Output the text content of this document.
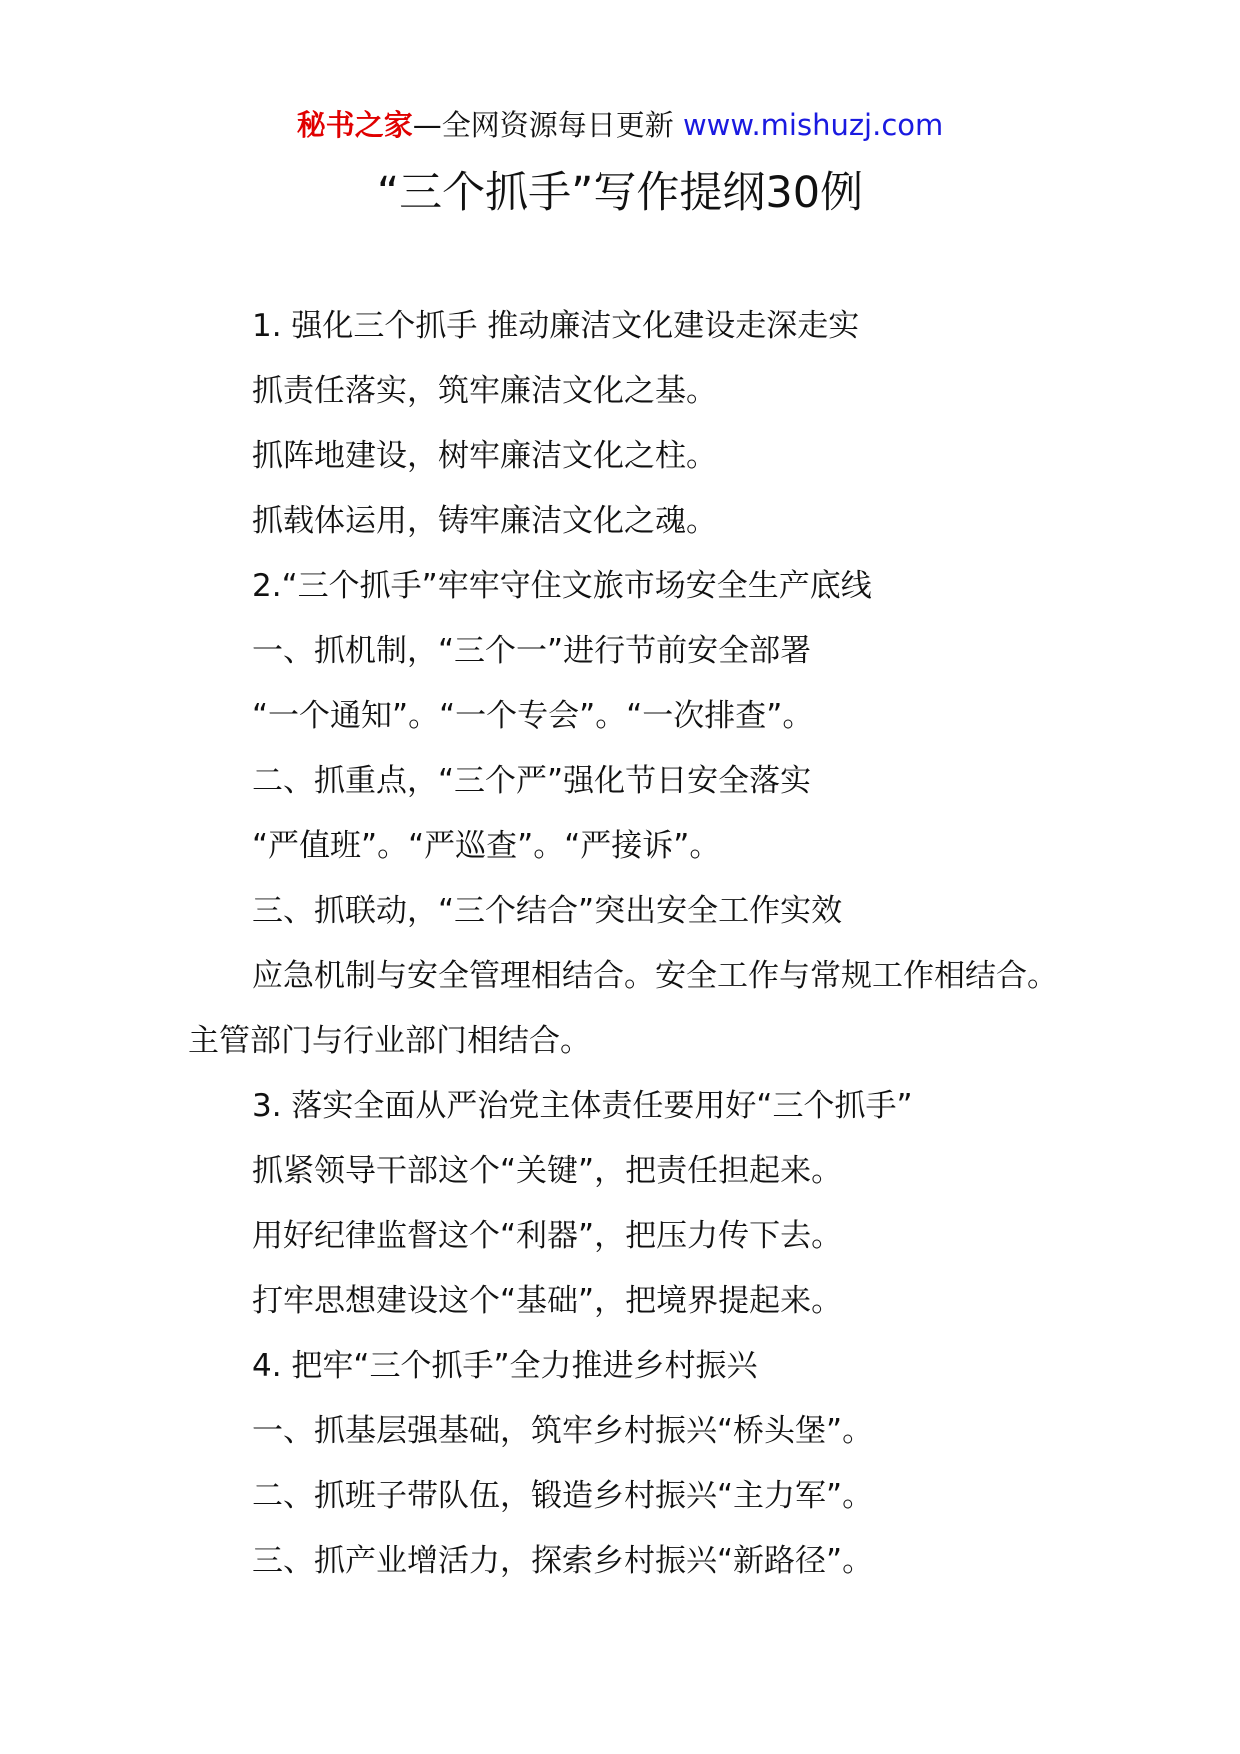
秘书之家—全网资源每日更新 www.mishuzj.com
“三个抓手”写作提纲30例

1. 强化三个抓手 推动廉洁文化建设走深走实

抓责任落实，筑牢廉洁文化之基。

抓阵地建设，树牢廉洁文化之柱。

抓载体运用，铸牢廉洁文化之魂。

2.“三个抓手”牢牢守住文旅市场安全生产底线

一、抓机制，“三个一”进行节前安全部署

“一个通知”。“一个专会”。“一次排查”。

二、抓重点，“三个严”强化节日安全落实

“严值班”。“严巡查”。“严接诉”。

三、抓联动，“三个结合”突出安全工作实效

应急机制与安全管理相结合。安全工作与常规工作相结合。主管部门与行业部门相结合。

3. 落实全面从严治党主体责任要用好“三个抓手”

抓紧领导干部这个“关键”，把责任担起来。

用好纪律监督这个“利器”，把压力传下去。

打牢思想建设这个“基础”，把境界提起来。

4. 把牢“三个抓手”全力推进乡村振兴

一、抓基层强基础，筑牢乡村振兴“桥头堡”。

二、抓班子带队伍，锻造乡村振兴“主力军”。

三、抓产业增活力，探索乡村振兴“新路径”。
